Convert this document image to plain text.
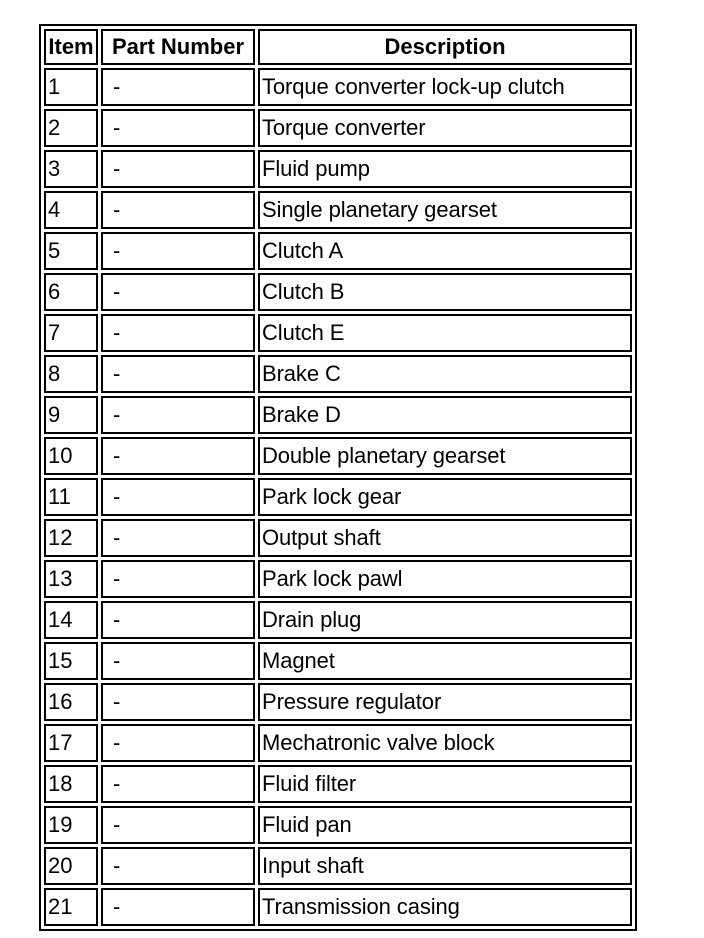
Item	Part Number	Description
1	-	Torque converter lock-up clutch
2	-	Torque converter
3	-	Fluid pump
4	-	Single planetary gearset
5	-	Clutch A
6	-	Clutch B
7	-	Clutch E
8	-	Brake C
9	-	Brake D
10	-	Double planetary gearset
11	-	Park lock gear
12	-	Output shaft
13	-	Park lock pawl
14	-	Drain plug
15	-	Magnet
16	-	Pressure regulator
17	-	Mechatronic valve block
18	-	Fluid filter
19	-	Fluid pan
20	-	Input shaft
21	-	Transmission casing
